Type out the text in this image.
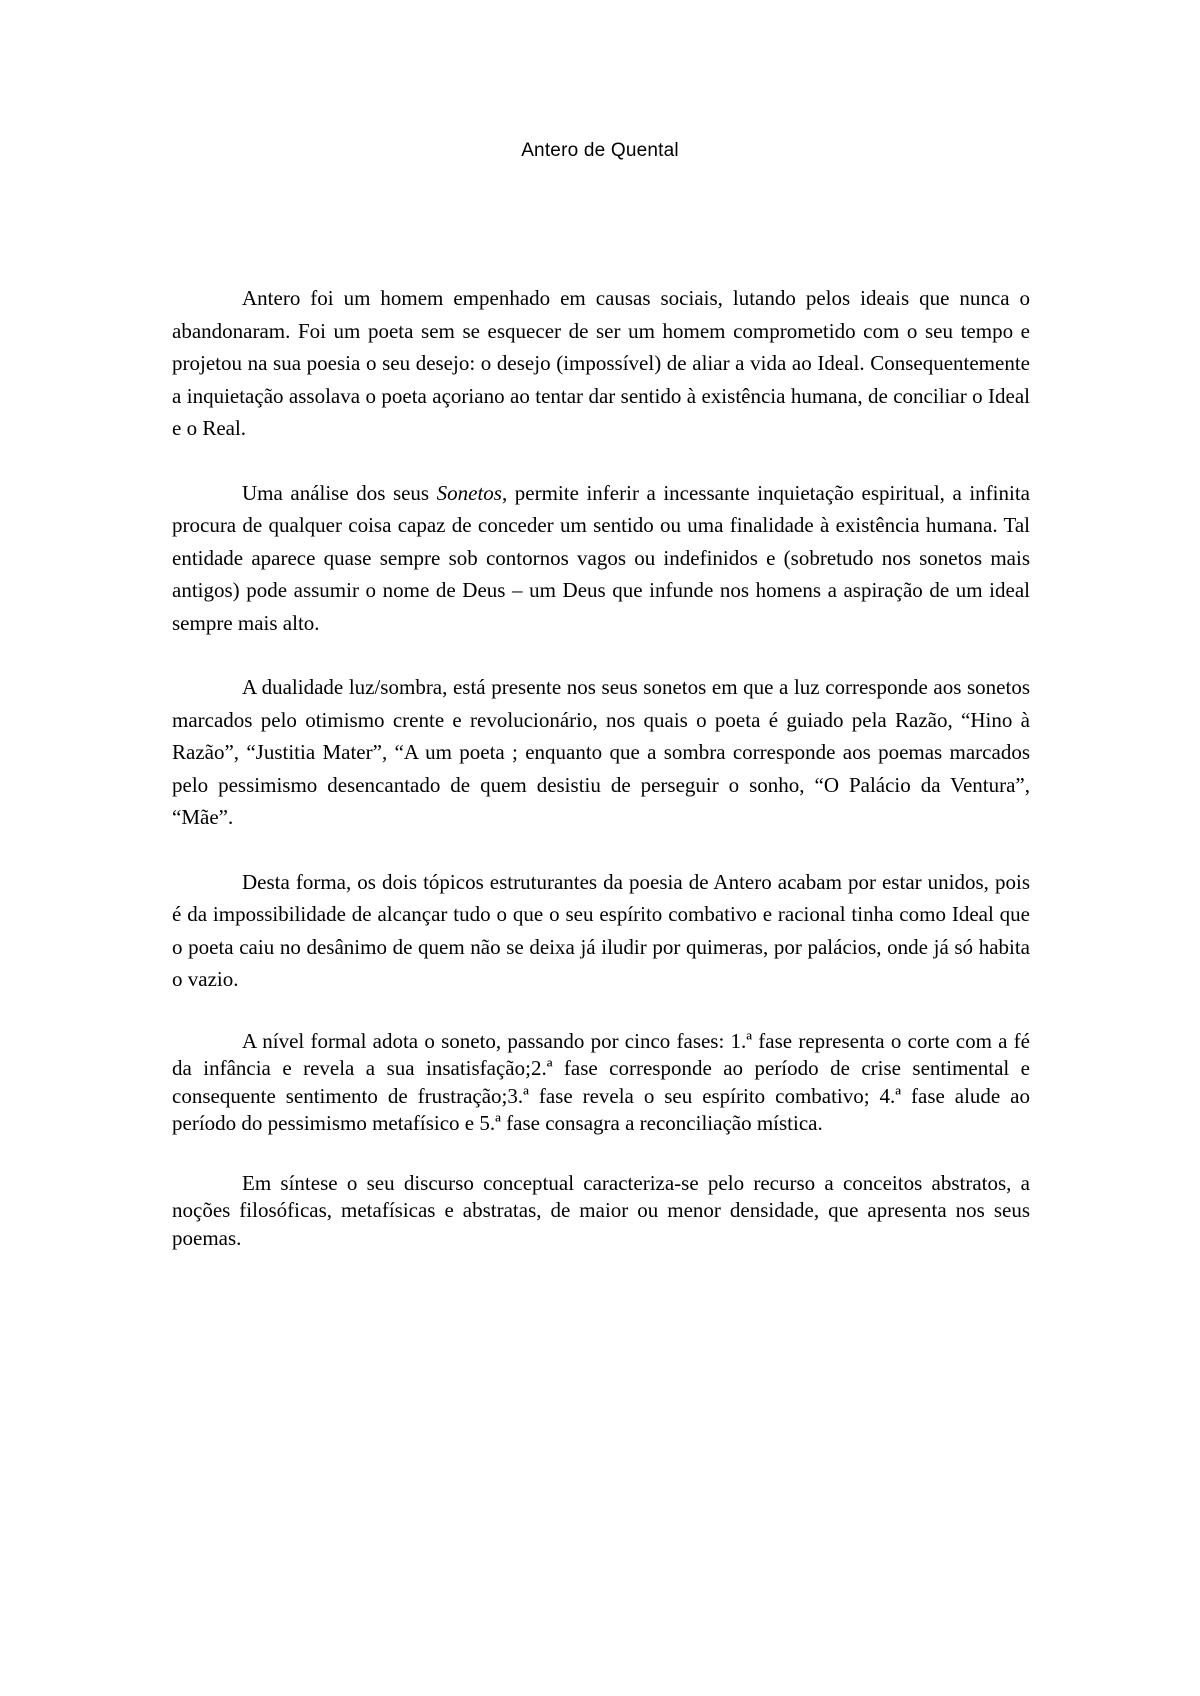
Antero de Quental

Antero foi um homem empenhado em causas sociais, lutando pelos ideais que nunca o abandonaram. Foi um poeta sem se esquecer de ser um homem comprometido com o seu tempo e projetou na sua poesia o seu desejo: o desejo (impossível) de aliar a vida ao Ideal. Consequentemente a inquietação assolava o poeta açoriano ao tentar dar sentido à existência humana, de conciliar o Ideal e o Real.

Uma análise dos seus Sonetos, permite inferir a incessante inquietação espiritual, a infinita procura de qualquer coisa capaz de conceder um sentido ou uma finalidade à existência humana. Tal entidade aparece quase sempre sob contornos vagos ou indefinidos e (sobretudo nos sonetos mais antigos) pode assumir o nome de Deus – um Deus que infunde nos homens a aspiração de um ideal sempre mais alto.

A dualidade luz/sombra, está presente nos seus sonetos em que a luz corresponde aos sonetos marcados pelo otimismo crente e revolucionário, nos quais o poeta é guiado pela Razão, “Hino à Razão”, “Justitia Mater”, “A um poeta ; enquanto que a sombra corresponde aos poemas marcados pelo pessimismo desencantado de quem desistiu de perseguir o sonho, “O Palácio da Ventura”, “Mãe”.

Desta forma, os dois tópicos estruturantes da poesia de Antero acabam por estar unidos, pois é da impossibilidade de alcançar tudo o que o seu espírito combativo e racional tinha como Ideal que o poeta caiu no desânimo de quem não se deixa já iludir por quimeras, por palácios, onde já só habita o vazio.

A nível formal adota o soneto, passando por cinco fases: 1.ª fase representa o corte com a fé da infância e revela a sua insatisfação;2.ª fase corresponde ao período de crise sentimental e consequente sentimento de frustração;3.ª fase revela o seu espírito combativo; 4.ª fase alude ao período do pessimismo metafísico e 5.ª fase consagra a reconciliação mística.

Em síntese o seu discurso conceptual caracteriza-se pelo recurso a conceitos abstratos, a noções filosóficas, metafísicas e abstratas, de maior ou menor densidade, que apresenta nos seus poemas.
